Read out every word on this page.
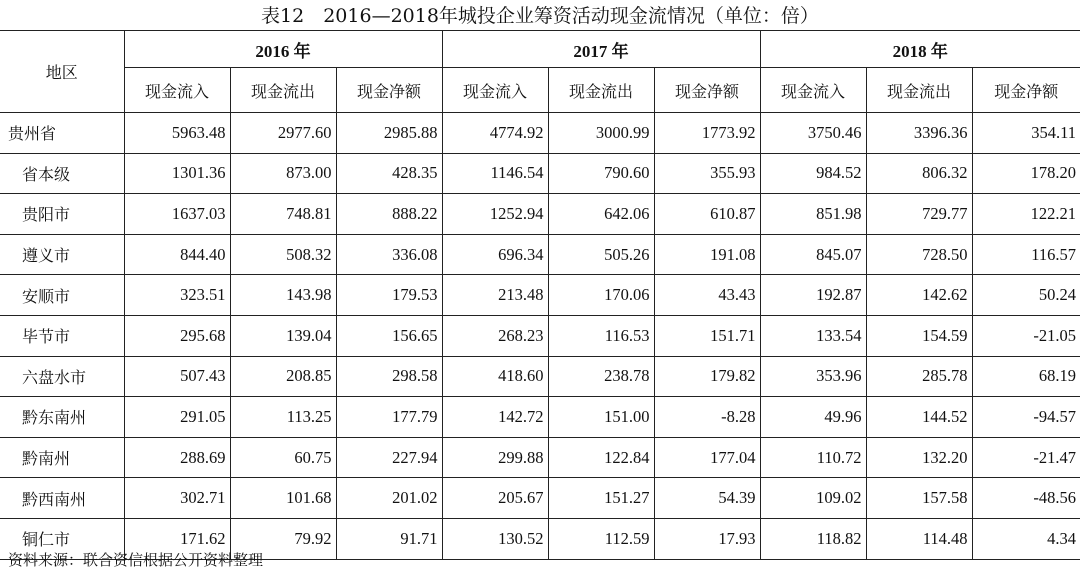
表12　2016—2018年城投企业筹资活动现金流情况（单位：倍）
地区	2016 年			2017 年			2018 年		
	现金流入	现金流出	现金净额	现金流入	现金流出	现金净额	现金流入	现金流出	现金净额
贵州省	5963.48	2977.60	2985.88	4774.92	3000.99	1773.92	3750.46	3396.36	354.11
省本级	1301.36	873.00	428.35	1146.54	790.60	355.93	984.52	806.32	178.20
贵阳市	1637.03	748.81	888.22	1252.94	642.06	610.87	851.98	729.77	122.21
遵义市	844.40	508.32	336.08	696.34	505.26	191.08	845.07	728.50	116.57
安顺市	323.51	143.98	179.53	213.48	170.06	43.43	192.87	142.62	50.24
毕节市	295.68	139.04	156.65	268.23	116.53	151.71	133.54	154.59	-21.05
六盘水市	507.43	208.85	298.58	418.60	238.78	179.82	353.96	285.78	68.19
黔东南州	291.05	113.25	177.79	142.72	151.00	-8.28	49.96	144.52	-94.57
黔南州	288.69	60.75	227.94	299.88	122.84	177.04	110.72	132.20	-21.47
黔西南州	302.71	101.68	201.02	205.67	151.27	54.39	109.02	157.58	-48.56
铜仁市	171.62	79.92	91.71	130.52	112.59	17.93	118.82	114.48	4.34
资料来源：联合资信根据公开资料整理
